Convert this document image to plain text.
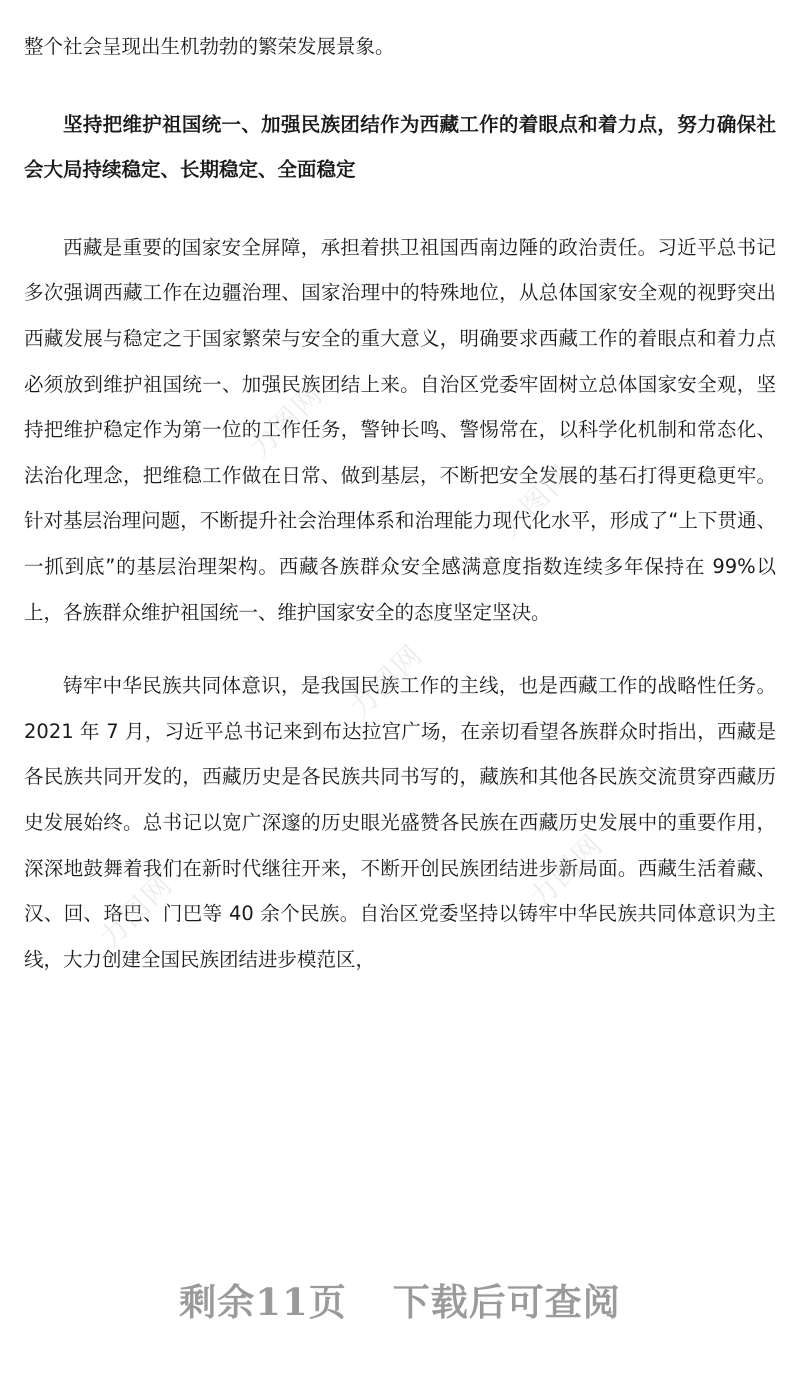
整个社会呈现出生机勃勃的繁荣发展景象。

坚持把维护祖国统一、加强民族团结作为西藏工作的着眼点和着力点，努力确保社会大局持续稳定、长期稳定、全面稳定

西藏是重要的国家安全屏障，承担着拱卫祖国西南边陲的政治责任。习近平总书记多次强调西藏工作在边疆治理、国家治理中的特殊地位，从总体国家安全观的视野突出西藏发展与稳定之于国家繁荣与安全的重大意义，明确要求西藏工作的着眼点和着力点必须放到维护祖国统一、加强民族团结上来。自治区党委牢固树立总体国家安全观，坚持把维护稳定作为第一位的工作任务，警钟长鸣、警惕常在，以科学化机制和常态化、法治化理念，把维稳工作做在日常、做到基层，不断把安全发展的基石打得更稳更牢。针对基层治理问题，不断提升社会治理体系和治理能力现代化水平，形成了“上下贯通、一抓到底”的基层治理架构。西藏各族群众安全感满意度指数连续多年保持在 99%以上，各族群众维护祖国统一、维护国家安全的态度坚定坚决。

铸牢中华民族共同体意识，是我国民族工作的主线，也是西藏工作的战略性任务。2021 年 7 月，习近平总书记来到布达拉宫广场，在亲切看望各族群众时指出，西藏是各民族共同开发的，西藏历史是各民族共同书写的，藏族和其他各民族交流贯穿西藏历史发展始终。总书记以宽广深邃的历史眼光盛赞各民族在西藏历史发展中的重要作用，深深地鼓舞着我们在新时代继往开来，不断开创民族团结进步新局面。西藏生活着藏、汉、回、珞巴、门巴等 40 余个民族。自治区党委坚持以铸牢中华民族共同体意识为主线，大力创建全国民族团结进步模范区，

力图网
力图网
力图网
力图网	力图网
剩余11页 下载后可查阅
